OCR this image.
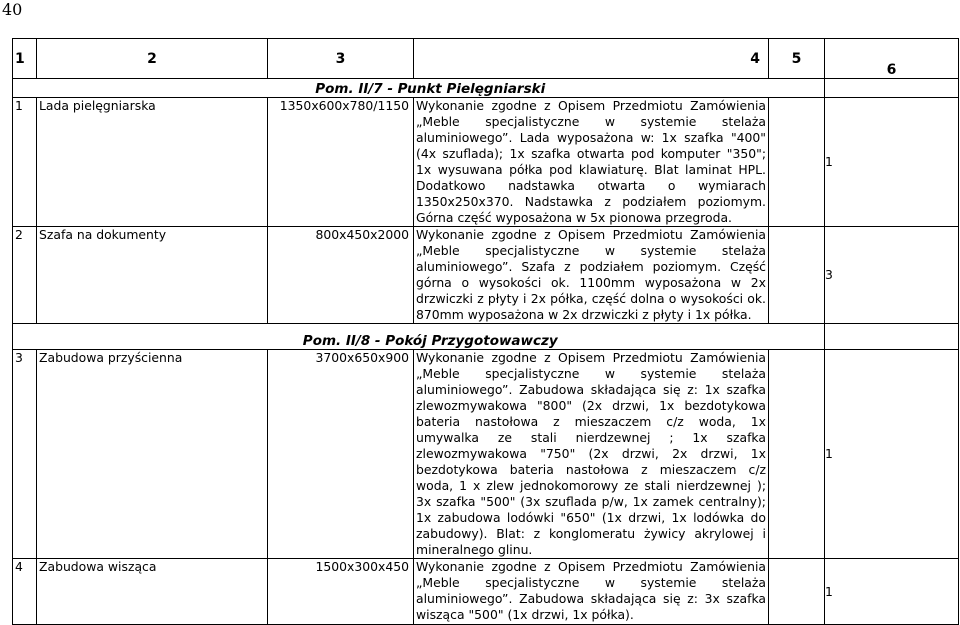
40
1	2	3	4	5	6
	Pom. II/7 - Punkt Pielęgniarski				
1	Lada pielęgniarska	1350x600x780/1150	Wykonanie zgodne z Opisem Przedmiotu Zamówienia „Meble specjalistyczne w systemie stelaża aluminiowego”. Lada wyposażona w: 1x szafka "400" (4x szuflada); 1x szafka otwarta pod komputer "350"; 1x wysuwana półka pod klawiaturę. Blat laminat HPL. Dodatkowo nadstawka otwarta o wymiarach 1350x250x370. Nadstawka z podziałem poziomym. Górna część wyposażona w 5x pionowa przegroda.		1
2	Szafa na dokumenty	800x450x2000	Wykonanie zgodne z Opisem Przedmiotu Zamówienia „Meble specjalistyczne w systemie stelaża aluminiowego”. Szafa z podziałem poziomym. Część górna o wysokości ok. 1100mm wyposażona w 2x drzwiczki z płyty i 2x półka, część dolna o wysokości ok. 870mm wyposażona w 2x drzwiczki z płyty i 1x półka.		3
	Pom. II/8 - Pokój Przygotowawczy				
3	Zabudowa przyścienna	3700x650x900	Wykonanie zgodne z Opisem Przedmiotu Zamówienia „Meble specjalistyczne w systemie stelaża aluminiowego”. Zabudowa składająca się z: 1x szafka zlewozmywakowa "800" (2x drzwi, 1x bezdotykowa bateria nastołowa z mieszaczem c/z woda, 1x umywalka ze stali nierdzewnej ; 1x szafka zlewozmywakowa "750" (2x drzwi, 2x drzwi, 1x bezdotykowa bateria nastołowa z mieszaczem c/z woda, 1 x zlew jednokomorowy ze stali nierdzewnej ); 3x szafka "500" (3x szuflada p/w, 1x zamek centralny); 1x zabudowa lodówki "650" (1x drzwi, 1x lodówka do zabudowy). Blat: z konglomeratu żywicy akrylowej i mineralnego glinu.		1
4	Zabudowa wisząca	1500x300x450	Wykonanie zgodne z Opisem Przedmiotu Zamówienia „Meble specjalistyczne w systemie stelaża aluminiowego”. Zabudowa składająca się z: 3x szafka wisząca "500" (1x drzwi, 1x półka).		1
